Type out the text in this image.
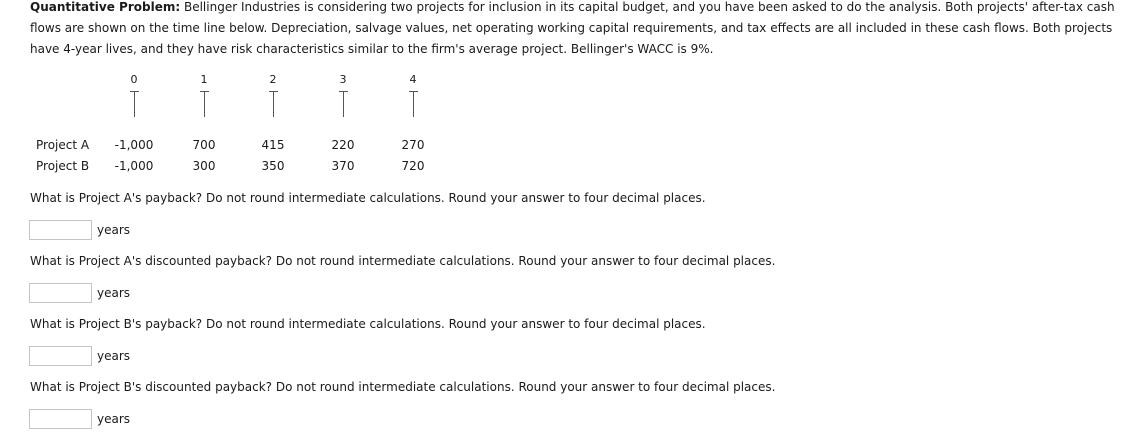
Quantitative Problem: Bellinger Industries is considering two projects for inclusion in its capital budget, and you have been asked to do the analysis. Both projects' after-tax cash flows are shown on the time line below. Depreciation, salvage values, net operating working capital requirements, and tax effects are all included in these cash flows. Both projects have 4-year lives, and they have risk characteristics similar to the firm's average project. Bellinger's WACC is 9%.

0	1	2	3	4
Project A	-1,000	700	415	220	270
Project B	-1,000	300	350	370	720
What is Project A's payback? Do not round intermediate calculations. Round your answer to four decimal places.
years
What is Project A's discounted payback? Do not round intermediate calculations. Round your answer to four decimal places.
years
What is Project B's payback? Do not round intermediate calculations. Round your answer to four decimal places.
years
What is Project B's discounted payback? Do not round intermediate calculations. Round your answer to four decimal places.
years
